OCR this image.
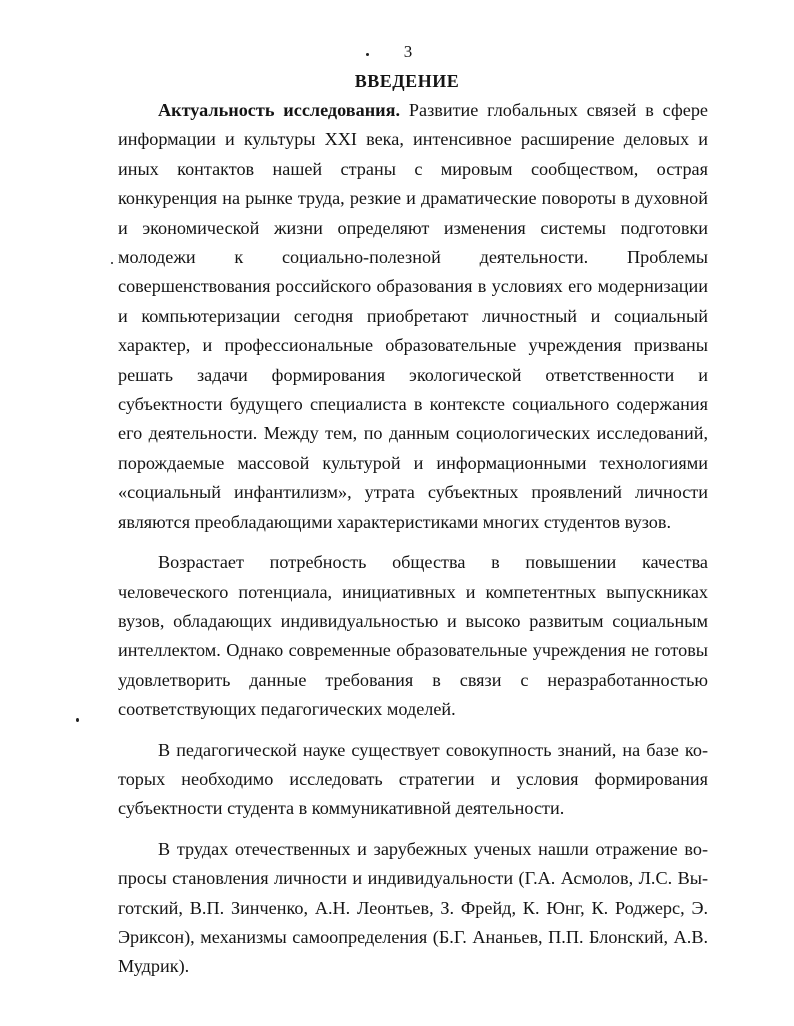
3
ВВЕДЕНИЕ

Актуальность исследования. Развитие глобальных связей в сфере информации и культуры XXI века, интенсивное расширение деловых и иных контактов нашей страны с мировым сообществом, острая конкуренция на рынке труда, резкие и драматические повороты в духовной и экономической жизни определяют изменения системы подготовки молодежи к социально-полезной деятельности. Проблемы совершенствования российского образования в условиях его модернизации и компьютеризации сегодня приобретают личностный и социальный характер, и профессиональные образовательные учреждения призваны решать задачи формирования экологической ответственности и субъектности будущего специалиста в контексте социального содержания его деятельности. Между тем, по данным социологических исследований, порождаемые массовой культурой и информационными технологиями «социальный инфантилизм», утрата субъектных проявлений личности являются преобладающими характеристиками многих студентов вузов.

Возрастает потребность общества в повышении качества человеческого потенциала, инициативных и компетентных выпускниках вузов, обладающих индивидуальностью и высоко развитым социальным интеллектом. Однако современные образовательные учреждения не готовы удовлетворить данные требования в связи с неразработанностью соответствующих педагогических моделей.

В педагогической науке существует совокупность знаний, на базе которых необходимо исследовать стратегии и условия формирования субъектности студента в коммуникативной деятельности.

В трудах отечественных и зарубежных ученых нашли отражение вопросы становления личности и индивидуальности (Г.А. Асмолов, Л.С. Выготский, В.П. Зинченко, А.Н. Леонтьев, З. Фрейд, К. Юнг, К. Роджерс, Э. Эриксон), механизмы самоопределения (Б.Г. Ананьев, П.П. Блонский, А.В. Мудрик).
